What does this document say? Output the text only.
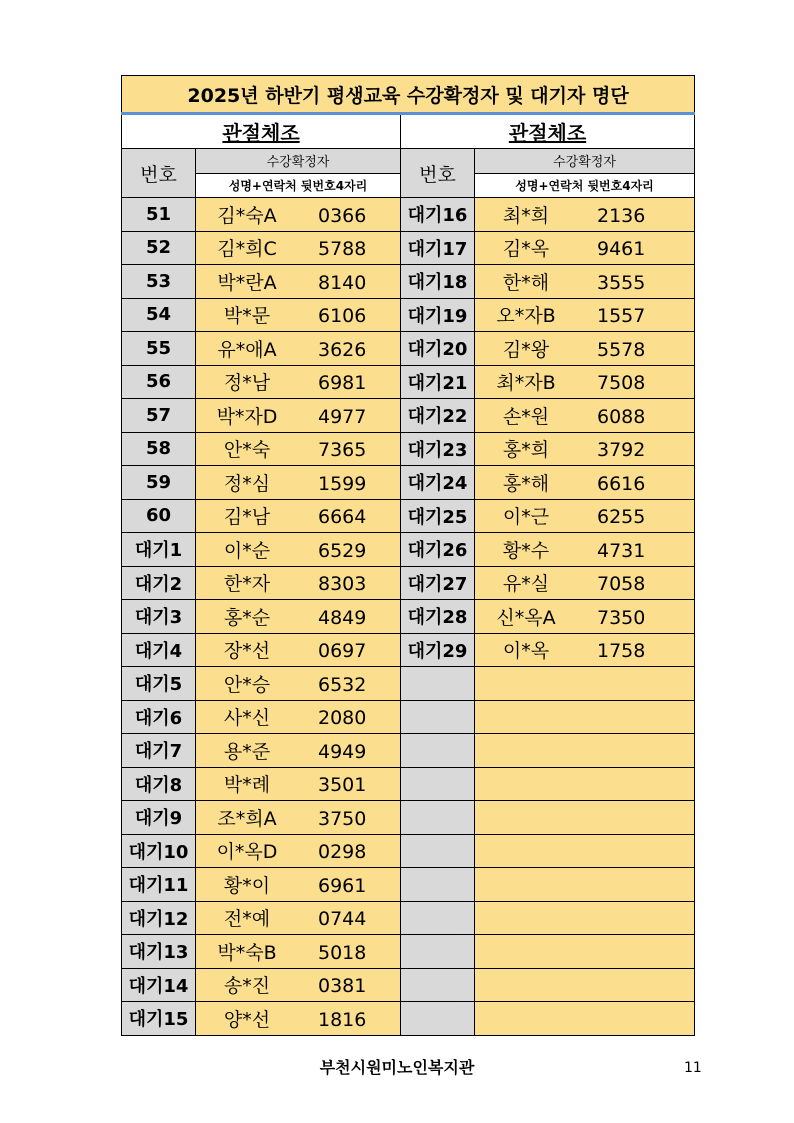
2025년 하반기 평생교육 수강확정자 및 대기자 명단			
관절체조		관절체조	
번호	수강확정자	번호	수강확정자
	성명+연락처 뒷번호4자리		성명+연락처 뒷번호4자리
51	김*숙A 0366	대기16	최*희 2136
52	김*희C 5788	대기17	김*옥 9461
53	박*란A 8140	대기18	한*해 3555
54	박*문 6106	대기19	오*자B 1557
55	유*애A 3626	대기20	김*왕 5578
56	정*남 6981	대기21	최*자B 7508
57	박*자D 4977	대기22	손*원 6088
58	안*숙 7365	대기23	홍*희 3792
59	정*심 1599	대기24	홍*해 6616
60	김*남 6664	대기25	이*근 6255
대기1	이*순 6529	대기26	황*수 4731
대기2	한*자 8303	대기27	유*실 7058
대기3	홍*순 4849	대기28	신*옥A 7350
대기4	장*선 0697	대기29	이*옥 1758
대기5	안*승 6532		
대기6	사*신 2080		
대기7	용*준 4949		
대기8	박*례 3501		
대기9	조*희A 3750		
대기10	이*옥D 0298		
대기11	황*이 6961		
대기12	전*예 0744		
대기13	박*숙B 5018		
대기14	송*진 0381		
대기15	양*선 1816		
부천시원미노인복지관	11
